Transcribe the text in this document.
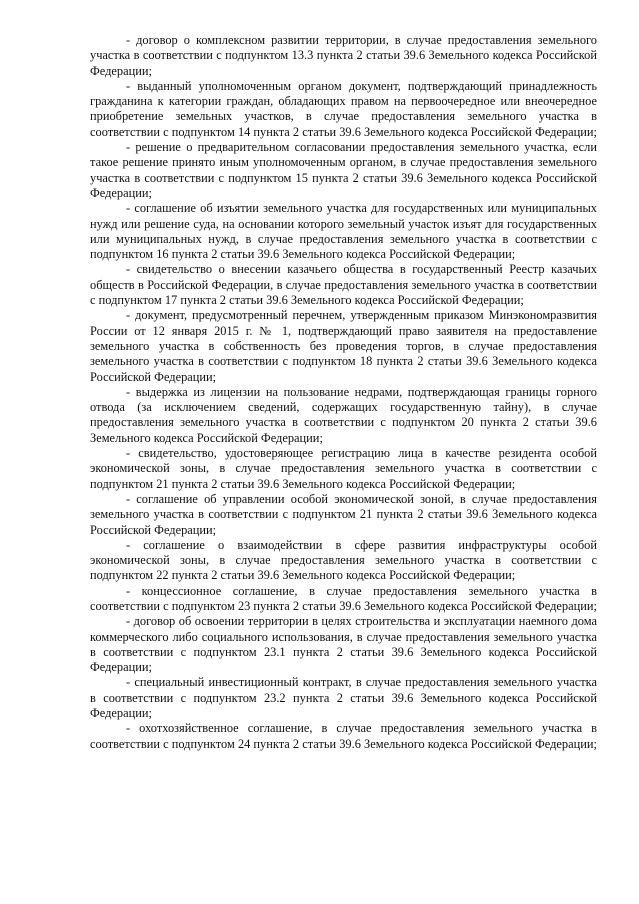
- договор о комплексном развитии территории, в случае предоставления земельного участка в соответствии с подпунктом 13.3 пункта 2 статьи 39.6 Земельного кодекса Российской Федерации;

- выданный уполномоченным органом документ, подтверждающий принадлежность гражданина к категории граждан, обладающих правом на первоочередное или внеочередное приобретение земельных участков, в случае предоставления земельного участка в соответствии с подпунктом 14 пункта 2 статьи 39.6 Земельного кодекса Российской Федерации;

- решение о предварительном согласовании предоставления земельного участка, если такое решение принято иным уполномоченным органом, в случае предоставления земельного участка в соответствии с подпунктом 15 пункта 2 статьи 39.6 Земельного кодекса Российской Федерации;

- соглашение об изъятии земельного участка для государственных или муниципальных нужд или решение суда, на основании которого земельный участок изъят для государственных или муниципальных нужд, в случае предоставления земельного участка в соответствии с подпунктом 16 пункта 2 статьи 39.6 Земельного кодекса Российской Федерации;

- свидетельство о внесении казачьего общества в государственный Реестр казачьих обществ в Российской Федерации, в случае предоставления земельного участка в соответствии с подпунктом 17 пункта 2 статьи 39.6 Земельного кодекса Российской Федерации;

- документ, предусмотренный перечнем, утвержденным приказом Минэкономразвития России от 12 января 2015 г. № 1, подтверждающий право заявителя на предоставление земельного участка в собственность без проведения торгов, в случае предоставления земельного участка в соответствии с подпунктом 18 пункта 2 статьи 39.6 Земельного кодекса Российской Федерации;

- выдержка из лицензии на пользование недрами, подтверждающая границы горного отвода (за исключением сведений, содержащих государственную тайну), в случае предоставления земельного участка в соответствии с подпунктом 20 пункта 2 статьи 39.6 Земельного кодекса Российской Федерации;

- свидетельство, удостоверяющее регистрацию лица в качестве резидента особой экономической зоны, в случае предоставления земельного участка в соответствии с подпунктом 21 пункта 2 статьи 39.6 Земельного кодекса Российской Федерации;

- соглашение об управлении особой экономической зоной, в случае предоставления земельного участка в соответствии с подпунктом 21 пункта 2 статьи 39.6 Земельного кодекса Российской Федерации;

- соглашение о взаимодействии в сфере развития инфраструктуры особой экономической зоны, в случае предоставления земельного участка в соответствии с подпунктом 22 пункта 2 статьи 39.6 Земельного кодекса Российской Федерации;

- концессионное соглашение, в случае предоставления земельного участка в соответствии с подпунктом 23 пункта 2 статьи 39.6 Земельного кодекса Российской Федерации;

- договор об освоении территории в целях строительства и эксплуатации наемного дома коммерческого либо социального использования, в случае предоставления земельного участка в соответствии с подпунктом 23.1 пункта 2 статьи 39.6 Земельного кодекса Российской Федерации;

- специальный инвестиционный контракт, в случае предоставления земельного участка в соответствии с подпунктом 23.2 пункта 2 статьи 39.6 Земельного кодекса Российской Федерации;

- охотхозяйственное соглашение, в случае предоставления земельного участка в соответствии с подпунктом 24 пункта 2 статьи 39.6 Земельного кодекса Российской Федерации;
